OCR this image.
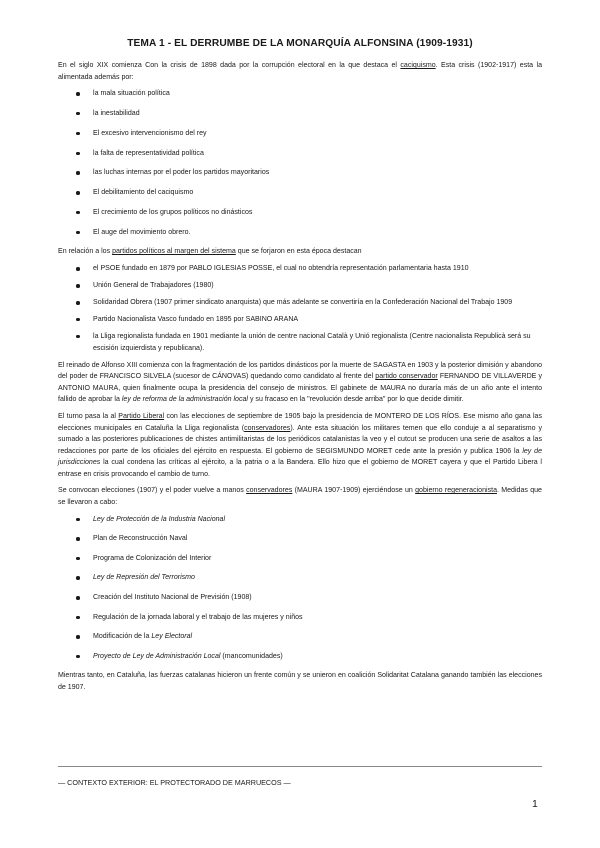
TEMA 1 - EL DERRUMBE DE LA MONARQUÍA ALFONSINA (1909-1931)

En el siglo XIX comienza Con la crisis de 1898 dada por la corrupción electoral en la que destaca el caciquismo. Esta crisis (1902-1917) esta la alimentada además por:

la mala situación política
la inestabilidad
El excesivo intervencionismo del rey
la falta de representatividad política
las luchas internas por el poder los partidos mayoritarios
El debilitamiento del caciquismo
El crecimiento de los grupos políticos no dinásticos
El auge del movimiento obrero.

En relación a los partidos políticos al margen del sistema que se forjaron en esta época destacan

el PSOE fundado en 1879 por PABLO IGLESIAS POSSE, el cual no obtendría representación parlamentaria hasta 1910
Unión General de Trabajadores (1980)
Solidaridad Obrera (1907 primer sindicato anarquista) que más adelante se convertiría en la Confederación Nacional del Trabajo 1909
Partido Nacionalista Vasco fundado en 1895 por SABINO ARANA
la Lliga regionalista fundada en 1901 mediante la unión de centre nacional Català y Unió regionalista (Centre nacionalista Republicà será su escisión izquierdista y republicana).

El reinado de Alfonso XIII comienza con la fragmentación de los partidos dinásticos por la muerte de SAGASTA en 1903 y la posterior dimisión y abandono del poder de FRANCISCO SILVELA (sucesor de CÁNOVAS) quedando como candidato al frente del partido conservador FERNANDO DE VILLAVERDE y ANTONIO MAURA, quien finalmente ocupa la presidencia del consejo de ministros. El gabinete de MAURA no duraría más de un año ante el intento fallido de aprobar la ley de reforma de la administración local y su fracaso en la "revolución desde arriba" por lo que decide dimitir.

El turno pasa la al Partido Liberal con las elecciones de septiembre de 1905 bajo la presidencia de MONTERO DE LOS RÍOS. Ese mismo año gana las elecciones municipales en Cataluña la Lliga regionalista (conservadores). Ante esta situación los militares temen que ello conduje a al separatismo y sumado a las posteriores publicaciones de chistes antimilitaristas de los periódicos catalanistas la veo y el cutcut se producen una serie de asaltos a las redacciones por parte de los oficiales del ejército en respuesta. El gobierno de SEGISMUNDO MORET cede ante la presión y publica 1906 la ley de jurisdicciones la cual condena las críticas al ejército, a la patria o a la Bandera. Ello hizo que el gobierno de MORET cayera y que el Partido Libera l entrase en crisis provocando el cambio de turno.

Se convocan elecciones (1907) y el poder vuelve a manos conservadores (MAURA 1907-1909) ejerciéndose un gobierno regeneracionista. Medidas que se llevaron a cabo:

Ley de Protección de la Industria Nacional
Plan de Reconstrucción Naval
Programa de Colonización del Interior
Ley de Represión del Terrorismo
Creación del Instituto Nacional de Previsión (1908)
Regulación de la jornada laboral y el trabajo de las mujeres y niños
Modificación de la Ley Electoral
Proyecto de Ley de Administración Local (mancomunidades)

Mientras tanto, en Cataluña, las fuerzas catalanas hicieron un frente común y se unieron en coalición Solidaritat Catalana ganando también las elecciones de 1907.

— CONTEXTO EXTERIOR: EL PROTECTORADO DE MARRUECOS —
1
